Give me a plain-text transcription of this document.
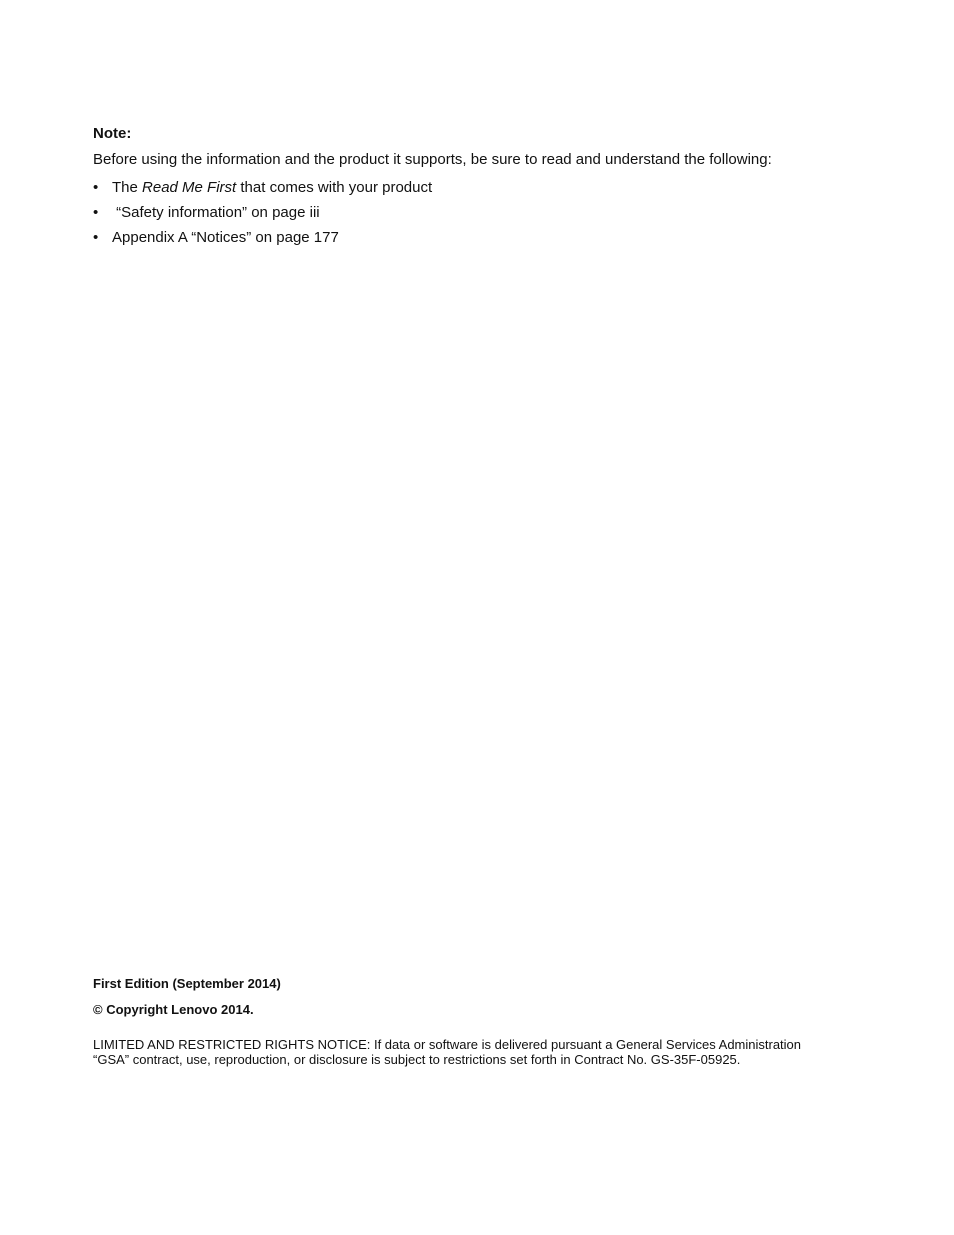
Note:

Before using the information and the product it supports, be sure to read and understand the following:

• The Read Me First that comes with your product
• “Safety information” on page iii
• Appendix A “Notices” on page 177

First Edition (September 2014)

© Copyright Lenovo 2014.

LIMITED AND RESTRICTED RIGHTS NOTICE: If data or software is delivered pursuant a General Services Administration
“GSA” contract, use, reproduction, or disclosure is subject to restrictions set forth in Contract No. GS-35F-05925.
